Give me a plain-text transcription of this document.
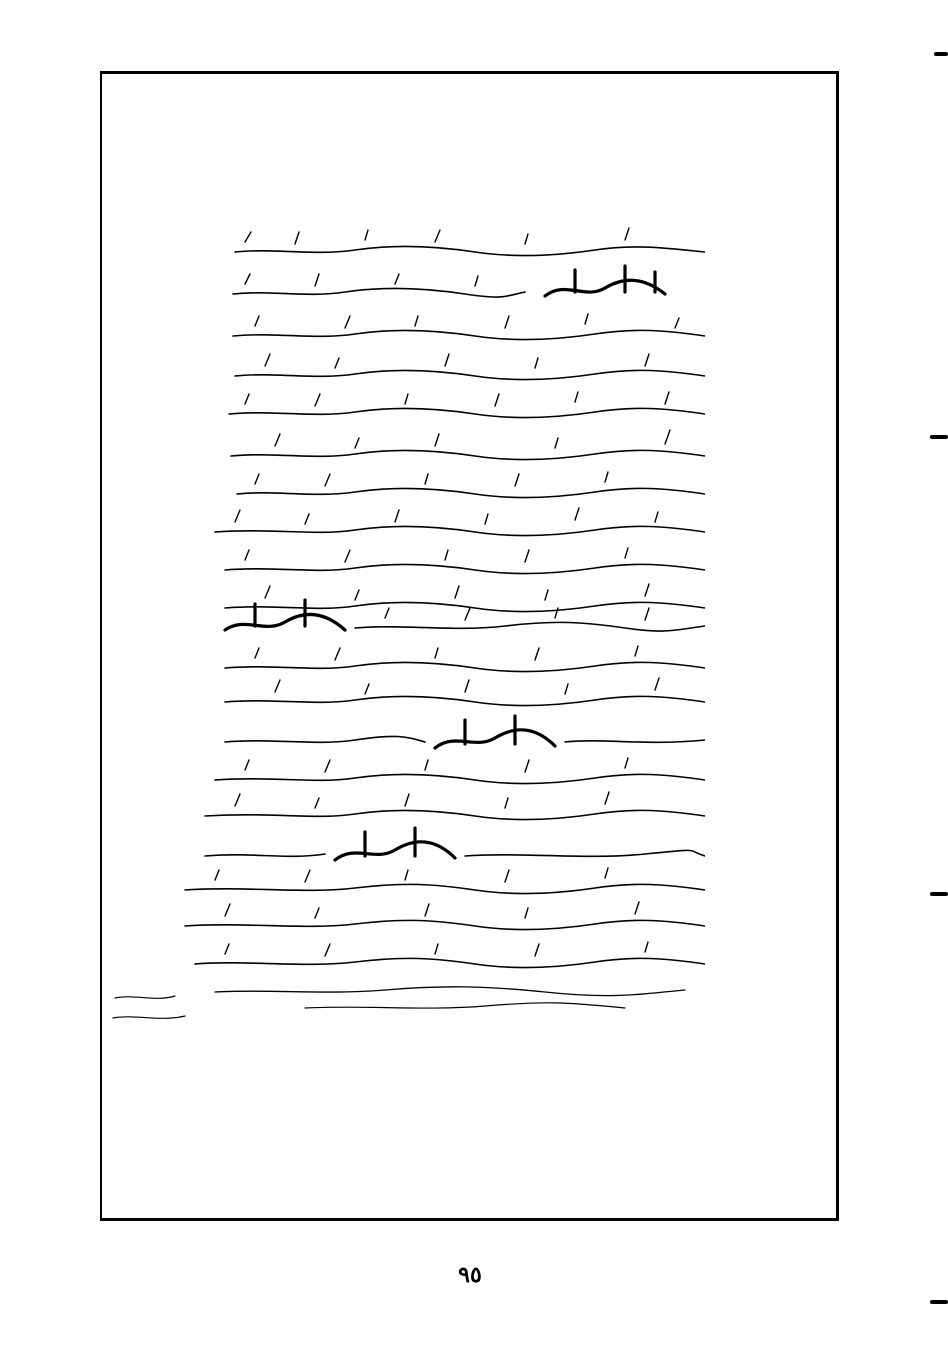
٩٥
